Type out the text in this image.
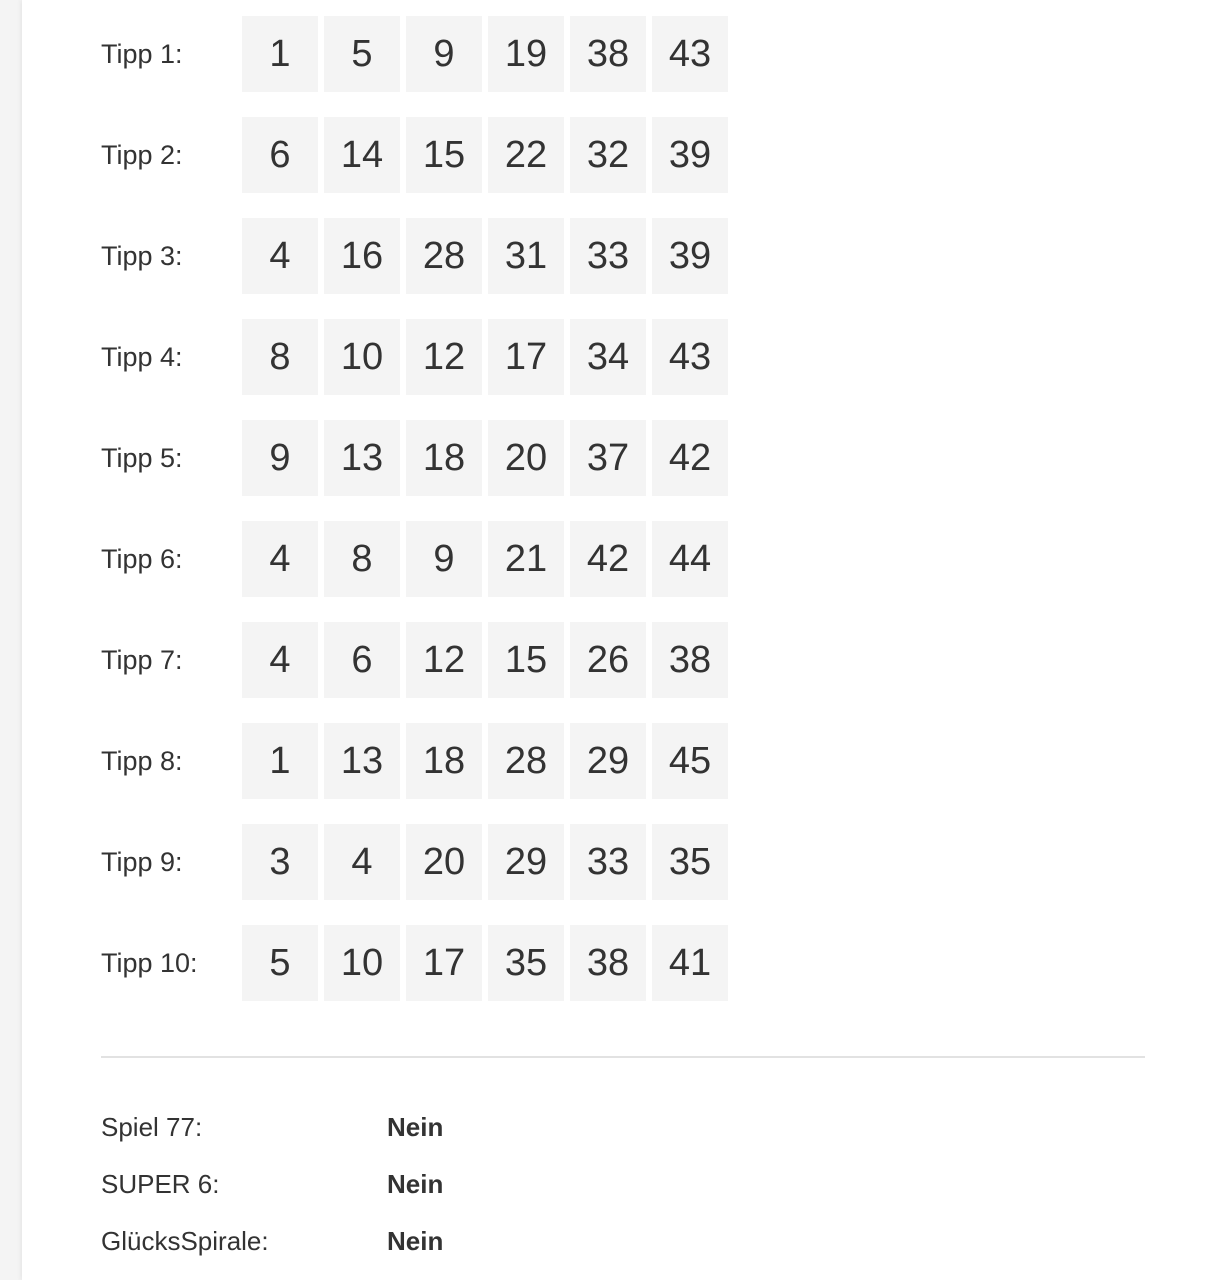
Tipp 1:	1	5	9	19	38	43
Tipp 2:	6	14	15	22	32	39
Tipp 3:	4	16	28	31	33	39
Tipp 4:	8	10	12	17	34	43
Tipp 5:	9	13	18	20	37	42
Tipp 6:	4	8	9	21	42	44
Tipp 7:	4	6	12	15	26	38
Tipp 8:	1	13	18	28	29	45
Tipp 9:	3	4	20	29	33	35
Tipp 10:	5	10	17	35	38	41
Spiel 77:	Nein
SUPER 6:	Nein
GlücksSpirale:	Nein
